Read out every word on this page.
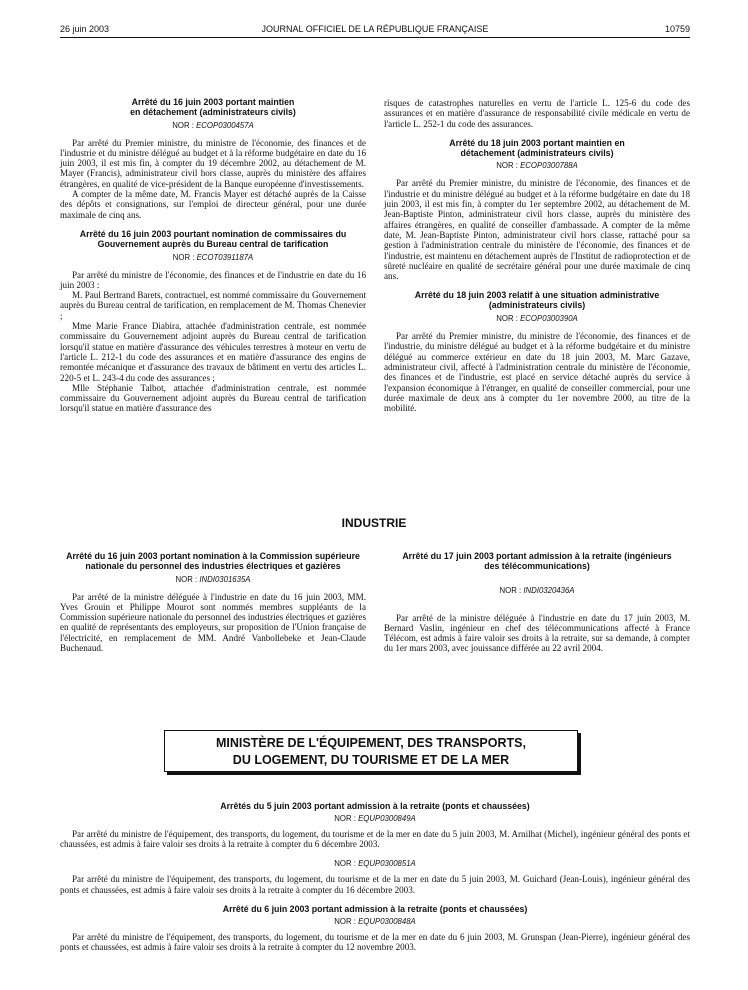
26 juin 2003	JOURNAL OFFICIEL DE LA RÉPUBLIQUE FRANÇAISE	10759
Arrêté du 16 juin 2003 portant maintien en détachement (administrateurs civils)
NOR : ECOP0300457A

Par arrêté du Premier ministre, du ministre de l'économie, des finances et de l'industrie et du ministre délégué au budget et à la réforme budgétaire en date du 16 juin 2003, il est mis fin, à compter du 19 décembre 2002, au détachement de M. Mayer (Francis), administrateur civil hors classe, auprès du ministère des affaires étrangères, en qualité de vice-président de la Banque européenne d'investissements.

A compter de la même date, M. Francis Mayer est détaché auprès de la Caisse des dépôts et consignations, sur l'emploi de directeur général, pour une durée maximale de cinq ans.

Arrêté du 16 juin 2003 pourtant nomination de commissaires du Gouvernement auprès du Bureau central de tarification
NOR : ECOT0391187A

Par arrêté du ministre de l'économie, des finances et de l'industrie en date du 16 juin 2003 :

M. Paul Bertrand Barets, contractuel, est nommé commissaire du Gouvernement auprès du Bureau central de tarification, en remplacement de M. Thomas Chenevier ;

Mme Marie France Diabira, attachée d'administration centrale, est nommée commissaire du Gouvernement adjoint auprès du Bureau central de tarification lorsqu'il statue en matière d'assurance des véhicules terrestres à moteur en vertu de l'article L. 212-1 du code des assurances et en matière d'assurance des engins de remontée mécanique et d'assurance des travaux de bâtiment en vertu des articles L. 220-5 et L. 243-4 du code des assurances ;

Mlle Stéphanie Talbot, attachée d'administration centrale, est nommée commissaire du Gouvernement adjoint auprès du Bureau central de tarification lorsqu'il statue en matière d'assurance des

risques de catastrophes naturelles en vertu de l'article L. 125-6 du code des assurances et en matière d'assurance de responsabilité civile médicale en vertu de l'article L. 252-1 du code des assurances.

Arrêté du 18 juin 2003 portant maintien en détachement (administrateurs civils)
NOR : ECOP0300788A

Par arrêté du Premier ministre, du ministre de l'économie, des finances et de l'industrie et du ministre délégué au budget et à la réforme budgétaire en date du 18 juin 2003, il est mis fin, à compter du 1er septembre 2002, au détachement de M. Jean-Baptiste Pinton, administrateur civil hors classe, auprès du ministère des affaires étrangères, en qualité de conseiller d'ambassade. A compter de la même date, M. Jean-Baptiste Pinton, administrateur civil hors classe, rattaché pour sa gestion à l'administration centrale du ministère de l'économie, des finances et de l'industrie, est maintenu en détachement auprès de l'Institut de radioprotection et de sûreté nucléaire en qualité de secrétaire général pour une durée maximale de cinq ans.

Arrêté du 18 juin 2003 relatif à une situation administrative (administrateurs civils)
NOR : ECOP0300390A

Par arrêté du Premier ministre, du ministre de l'économie, des finances et de l'industrie, du ministre délégué au budget et à la réforme budgétaire et du ministre délégué au commerce extérieur en date du 18 juin 2003, M. Marc Gazave, administrateur civil, affecté à l'administration centrale du ministère de l'économie, des finances et de l'industrie, est placé en service détaché auprès du service à l'expansion économique à l'étranger, en qualité de conseiller commercial, pour une durée maximale de deux ans à compter du 1er novembre 2000, au titre de la mobilité.

INDUSTRIE
Arrêté du 16 juin 2003 portant nomination à la Commission supérieure nationale du personnel des industries électriques et gazières
NOR : INDI0301635A

Par arrêté de la ministre déléguée à l'industrie en date du 16 juin 2003, MM. Yves Grouin et Philippe Mourot sont nommés membres suppléants de la Commission supérieure nationale du personnel des industries électriques et gazières en qualité de représentants des employeurs, sur proposition de l'Union française de l'électricité, en remplacement de MM. André Vanbollebeke et Jean-Claude Buchenaud.

Arrêté du 17 juin 2003 portant admission à la retraite (ingénieurs des télécommunications)
NOR : INDI0320436A

Par arrêté de la ministre déléguée à l'industrie en date du 17 juin 2003, M. Bernard Vaslin, ingénieur en chef des télécommunications affecté à France Télécom, est admis à faire valoir ses droits à la retraite, sur sa demande, à compter du 1er mars 2003, avec jouissance différée au 22 avril 2004.

MINISTÈRE DE L'ÉQUIPEMENT, DES TRANSPORTS,
DU LOGEMENT, DU TOURISME ET DE LA MER
Arrêtés du 5 juin 2003 portant admission à la retraite (ponts et chaussées)
NOR : EQUP0300849A

Par arrêté du ministre de l'équipement, des transports, du logement, du tourisme et de la mer en date du 5 juin 2003, M. Arnilhat (Michel), ingénieur général des ponts et chaussées, est admis à faire valoir ses droits à la retraite à compter du 6 décembre 2003.

NOR : EQUP0300851A

Par arrêté du ministre de l'équipement, des transports, du logement, du tourisme et de la mer en date du 5 juin 2003, M. Guichard (Jean-Louis), ingénieur général des ponts et chaussées, est admis à faire valoir ses droits à la retraite à compter du 16 décembre 2003.

Arrêté du 6 juin 2003 portant admission à la retraite (ponts et chaussées)
NOR : EQUP0300848A

Par arrêté du ministre de l'équipement, des transports, du logement, du tourisme et de la mer en date du 6 juin 2003, M. Grunspan (Jean-Pierre), ingénieur général des ponts et chaussées, est admis à faire valoir ses droits à la retraite à compter du 12 novembre 2003.
